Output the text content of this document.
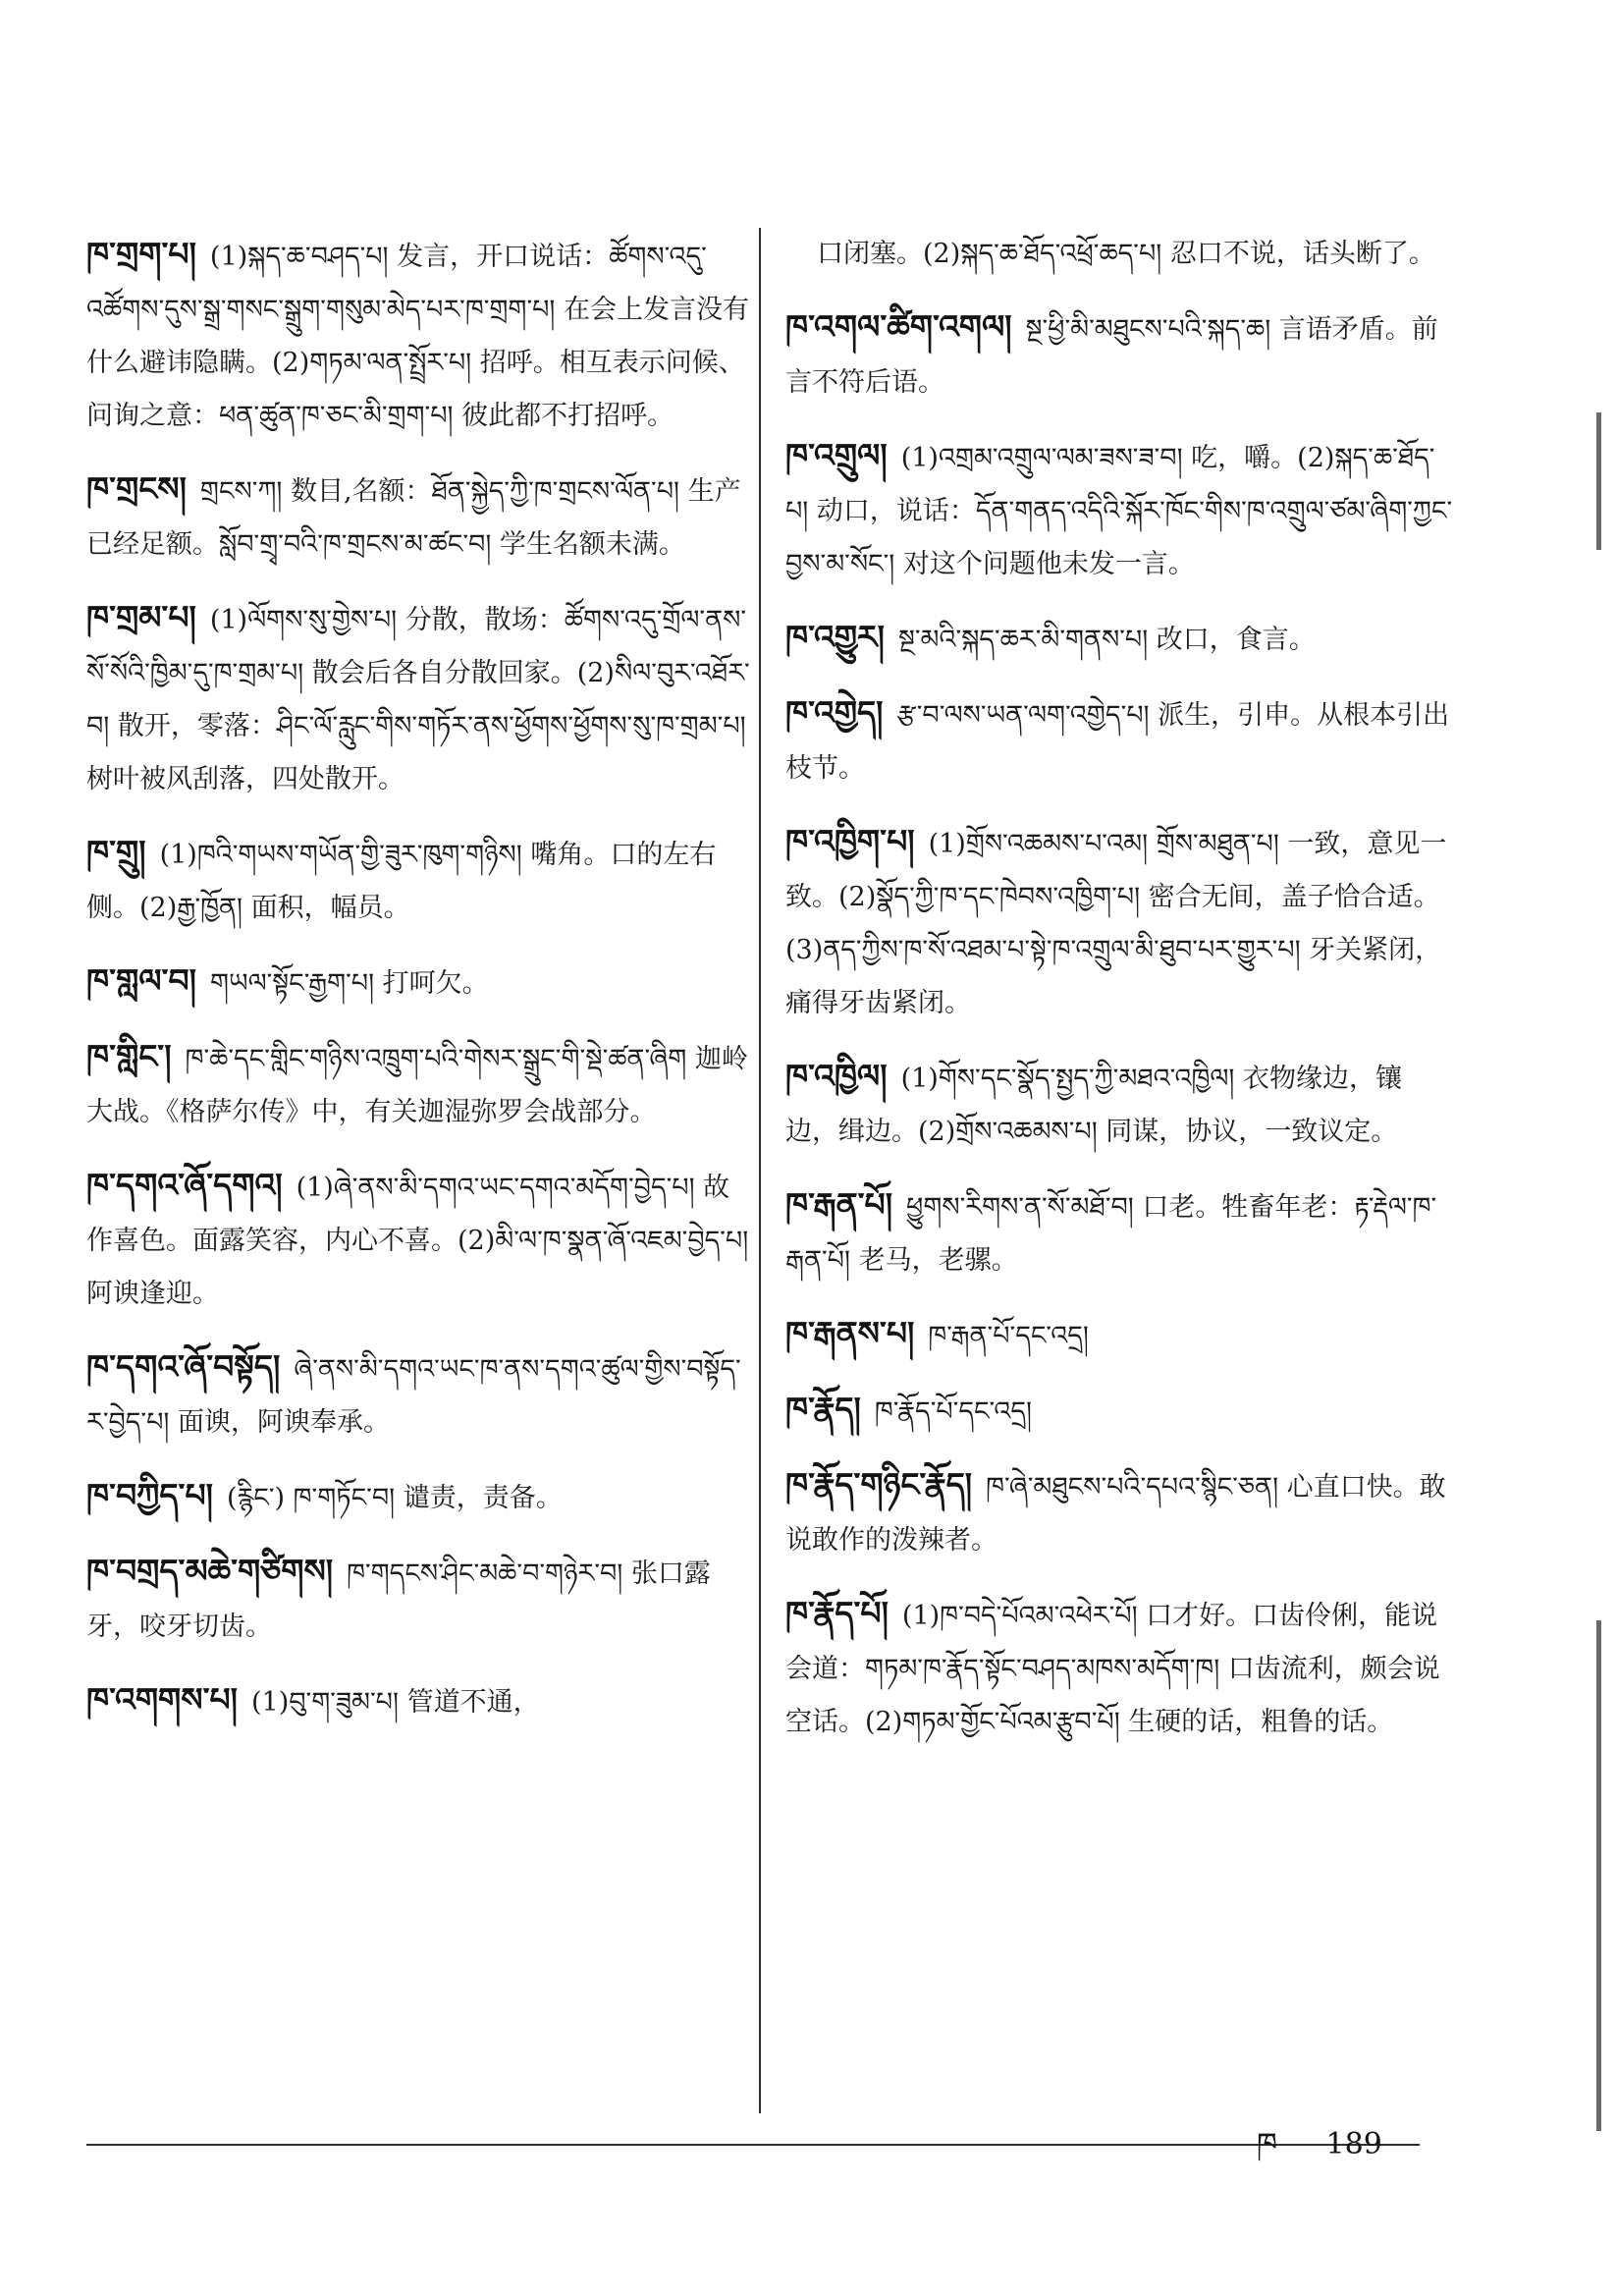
ཁ་གྲག་པ། (1)སྐད་ཆ་བཤད་པ། 发言，开口说话：ཚོགས་འདུ་འཚོགས་དུས་སྒྲ་གསང་སྒྲུག་གསུམ་མེད་པར་ཁ་གྲག་པ། 在会上发言没有什么避讳隐瞒。(2)གཏམ་ལན་སྤྲོར་པ། 招呼。相互表示问候、问询之意：ཕན་ཚུན་ཁ་ཅང་མི་གྲག་པ། 彼此都不打招呼。
ཁ་གྲངས། གྲངས་ཀ། 数目,名额：ཐོན་སྐྱེད་ཀྱི་ཁ་གྲངས་ལོན་པ། 生产已经足额。སློབ་གྲྭ་བའི་ཁ་གྲངས་མ་ཚང་བ། 学生名额未满。
ཁ་གྲམ་པ། (1)ལོགས་སུ་གྱེས་པ། 分散，散场：ཚོགས་འདུ་གྲོལ་ནས་སོ་སོའི་ཁྱིམ་དུ་ཁ་གྲམ་པ། 散会后各自分散回家。(2)སིལ་བུར་འཐོར་བ། 散开，零落：ཤིང་ལོ་རླུང་གིས་གཏོར་ནས་ཕྱོགས་ཕྱོགས་སུ་ཁ་གྲམ་པ། 树叶被风刮落，四处散开。
ཁ་གྲུ། (1)ཁའི་གཡས་གཡོན་གྱི་ཟུར་ཁུག་གཉིས། 嘴角。口的左右侧。(2)རྒྱ་ཁྱོན། 面积，幅员。
ཁ་གླལ་བ། གཡལ་སྟོང་རྒྱག་པ། 打呵欠。
ཁ་གླིང་། ཁ་ཆེ་དང་གླིང་གཉིས་འཁྲུག་པའི་གེསར་སྒྲུང་གི་སྡེ་ཚན་ཞིག 迦岭大战。《格萨尔传》中，有关迦湿弥罗会战部分。
ཁ་དགའ་ཞོ་དགའ། (1)ཞེ་ནས་མི་དགའ་ཡང་དགའ་མདོག་བྱེད་པ། 故作喜色。面露笑容，内心不喜。(2)མི་ལ་ཁ་སྣན་ཞོ་འཇམ་བྱེད་པ། 阿谀逢迎。
ཁ་དགའ་ཞོ་བསྟོད། ཞེ་ནས་མི་དགའ་ཡང་ཁ་ནས་དགའ་ཚུལ་གྱིས་བསྟོད་ར་བྱེད་པ། 面谀，阿谀奉承。
ཁ་བཀྱིད་པ། (རྙིང་) ཁ་གཏོང་བ། 谴责，责备。
ཁ་བགྲད་མཆེ་གཙིགས། ཁ་གདངས་ཤིང་མཆེ་བ་གཉེར་བ། 张口露牙，咬牙切齿。
ཁ་འགགས་པ། (1)བུ་ག་ཟུམ་པ། 管道不通，
口闭塞。(2)སྐད་ཆ་ཐོད་འཕྲོ་ཆད་པ། 忍口不说，话头断了。
ཁ་འགལ་ཚིག་འགལ། སྔ་ཕྱི་མི་མཐུངས་པའི་སྐད་ཆ། 言语矛盾。前言不符后语。
ཁ་འགྲུལ། (1)འགྲམ་འགྲུལ་ལམ་ཟས་ཟ་བ། 吃，嚼。(2)སྐད་ཆ་ཐོད་པ། 动口，说话：དོན་གནད་འདིའི་སྐོར་ཁོང་གིས་ཁ་འགྲུལ་ཙམ་ཞིག་ཀྱང་བྱས་མ་སོང་། 对这个问题他未发一言。
ཁ་འགྱུར། སྔ་མའི་སྐད་ཆར་མི་གནས་པ། 改口，食言。
ཁ་འགྱེད། རྩ་བ་ལས་ཡན་ལག་འགྱེད་པ། 派生，引申。从根本引出枝节。
ཁ་འཁྱིག་པ། (1)གྲོས་འཆམས་པ་འམ། གྲོས་མཐུན་པ། 一致，意见一致。(2)སྣོད་ཀྱི་ཁ་དང་ཁེབས་འཁྱིག་པ། 密合无间，盖子恰合适。(3)ནད་ཀྱིས་ཁ་སོ་འཐམ་པ་སྟེ་ཁ་འགྲུལ་མི་ཐུབ་པར་གྱུར་པ། 牙关紧闭，痛得牙齿紧闭。
ཁ་འཁྱིལ། (1)གོས་དང་སྣོད་སྤྱད་ཀྱི་མཐའ་འཁྱིལ། 衣物缘边，镶边，缉边。(2)གྲོས་འཆམས་པ། 同谋，协议，一致议定。
ཁ་རྒན་པོ། ཕྱུགས་རིགས་ན་སོ་མཐོ་བ། 口老。牲畜年老：རྟ་རྡེལ་ཁ་རྒན་པོ། 老马，老骡。
ཁ་རྒནས་པ། ཁ་རྒན་པོ་དང་འདྲ།
ཁ་རྣོད། ཁ་རྣོད་པོ་དང་འདྲ།
ཁ་རྣོད་གཉིང་རྣོད། ཁ་ཞེ་མཐུངས་པའི་དཔའ་སྙིང་ཅན། 心直口快。敢说敢作的泼辣者。
ཁ་རྣོད་པོ། (1)ཁ་བདེ་པོའམ་འཕེར་པོ། 口才好。口齿伶俐，能说会道：གཏམ་ཁ་རྣོད་སྟོང་བཤད་མཁས་མདོག་ཁ། 口齿流利，颇会说空话。(2)གཏམ་གྱོང་པོའམ་རྩུབ་པོ། 生硬的话，粗鲁的话。
ཁ 189
